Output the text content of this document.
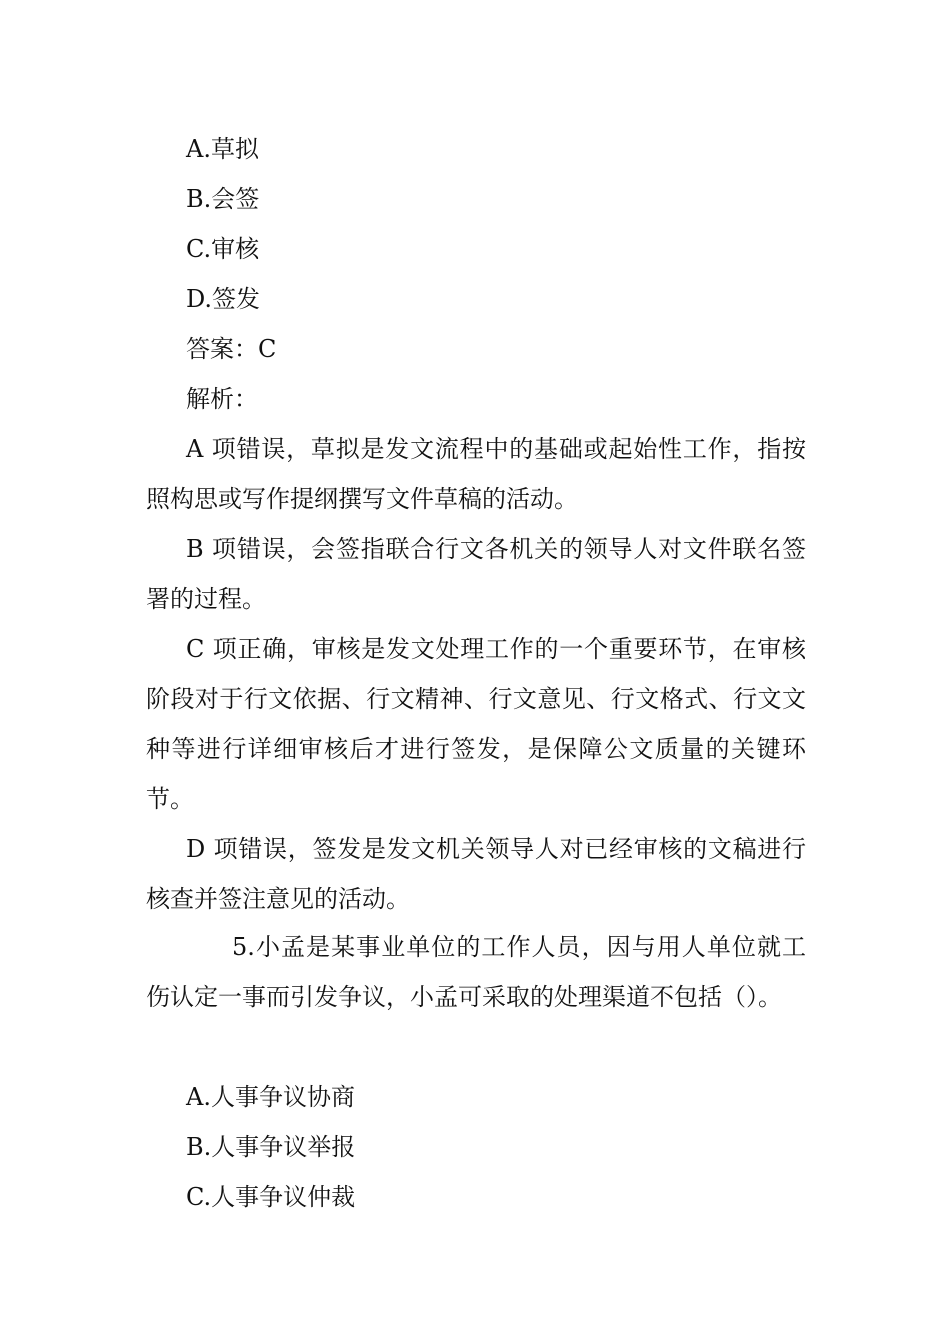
A.草拟
B.会签
C.审核
D.签发
答案：C
解析：
A 项错误，草拟是发文流程中的基础或起始性工作，指按照构思或写作提纲撰写文件草稿的活动。
B 项错误，会签指联合行文各机关的领导人对文件联名签署的过程。
C 项正确，审核是发文处理工作的一个重要环节，在审核阶段对于行文依据、行文精神、行文意见、行文格式、行文文种等进行详细审核后才进行签发，是保障公文质量的关键环节。
D 项错误，签发是发文机关领导人对已经审核的文稿进行核查并签注意见的活动。
5.小孟是某事业单位的工作人员，因与用人单位就工伤认定一事而引发争议，小孟可采取的处理渠道不包括（）。
A.人事争议协商
B.人事争议举报
C.人事争议仲裁
